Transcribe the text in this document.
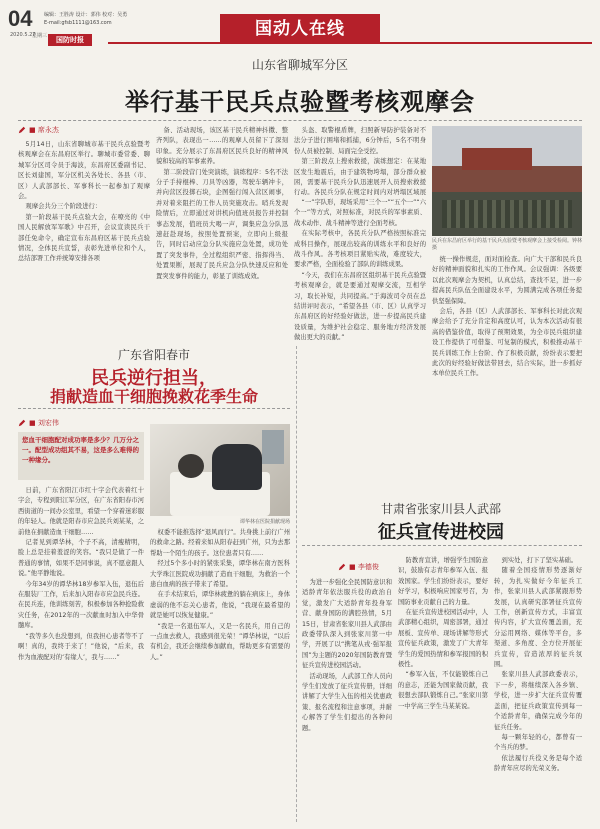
04
2020.5.27
星期三
编辑：王胜涛 设计：郭伟 校对：吴勇
E-mail:gfsb1111@163.com
国防时报
国动人在线
山东省聊城军分区
举行基干民兵点验暨考核观摩会
■ 席永杰

5月14日，山东省聊城市基干民兵点验暨考核观摩会在东昌府区举行。聊城市委常委、聊城军分区司令员于海波，东昌府区委副书记、区长刘建国，军分区机关各处长、各县（市、区）人武部部长、军事科长一起参加了观摩会。

观摩会共分三个阶段进行：

第一阶段基干民兵点验大会，在嘹亮的《中国人民解放军军歌》中召开，会议宣读民兵干部任免命令，确定宣布东昌府区基干民兵点验情况，全体民兵宣誓，表彰先进单位和个人，总结部署工作并统筹安排各项

备、活动现场，该区基干民兵精神抖擞、整齐列队，表现出一……的观摩人员留下了深刻印象。充分展示了东昌府区民兵良好的精神风貌和较高的军事素养。

第二阶段营门处突演练，演练程序：5名不法分子手持棍棒、刀具等凶器，驾驶车辆冲卡，并向营区投掷石块，企图强行闯入营区闹事，并对着来阻拦的工作人员突施攻击。哨兵发现险情后，立即通过对讲机向值班员报告并控制事态发展，值班员大喝一声，调集应急分队迅速赶赴现场，按照处置预案，立即向上级报告，同时启动应急分队实施应急处置，成功处置了突发事件，全过程组织严密、指挥得当、处置果断，展现了民兵应急分队快速反应和处置突发事件的能力，彰显了训练成效。

头盔、取警棍盾牌，扫照新导防护装备对不法分子进行围堵和抓捕，6分钟后，5名不明身份人员被控制、局面完全受控。

第三阶段点上搜索救援，演练想定：在某地区发生地震后，由于建筑物垮塌，部分群众被困，需要基干民兵分队迅速展开人员搜索救援行动。各民兵分队在规定时间内对坍塌区域展

“一”字队形，现场采用“三个一”“五个一”“六个一”等方式，对照标准，对民兵的军事素质、战术动作、战斗精神等进行全面考核。

在实际考核中，各民兵分队严格按照标准完成科目操作，展现出较高的训练水平和良好的战斗作风。各考核项目紧贴实战，难度较大，要求严格，全面检验了部队的训练成果。

“今天，我们在东昌府区组织基干民兵点验暨考核观摩会，就是要通过观摩交流，互相学习，取长补短，共同提高。”于海波司令员在总结讲评时表示，“希望各县（市、区）认真学习东昌府区的好经验好做法，进一步提高民兵建设质量，为维护社会稳定、服务地方经济发展做出更大的贡献。”

民兵在东昌府区举行的基干民兵点验暨考核观摩会上接受检阅。钟林 摄

统一操作规范，面对面检查。向广大干部和民兵良好的精神面貌和扎实的工作作风。会议强调：各级要以此次观摩会为契机，认真总结，查找不足，进一步提高民兵队伍全面建设水平，为圆满完成各项任务提供坚强保障。

会后，各县（区）人武部部长、军事科长对此次观摩会给予了充分肯定和高度认可，认为本次活动有很高的借鉴价值，取得了预期效果，为全市民兵组织建设工作提供了可借鉴、可复制的模式，积极推动基干民兵训练工作上台阶、作了积极贡献，纷纷表示要把此次的好经验好做法带回去，结合实际，进一步抓好本单位民兵工作。

广东省阳春市
民兵逆行担当，
捐献造血干细胞挽救花季生命
■ 刘宏伟
您血干细胞配对成功率是多少？几万分之一。配型成功组其不易，这是多么难得的一种缘分。
谭华林在医院捐献现场

日前，广东省阳江市红十字会代表着红十字会，专程到阳江军分区，在广东省阳春市河西街道的一间办公室里，看望一个穿着迷彩服的年轻人。他就是阳春市应急民兵刘某某，之前他在捐献造血干细胞……

记者见到谭华林，个子不高，清瘦精明，脸上总是挂着羞涩的笑容。“我只是做了一件普通的事情，如果不是同事说，真不愿意跟人说。”他平静地说。

今年34岁的谭华林18岁参军入伍，退伍后在服装厂工作，后来加入阳春市应急民兵连。在民兵连，他训练刻苦，积极参加各种抢险救灾任务，在2012年的一次献血时加入中华骨髓库。

“我等多久也没想到，但我担心患者等不了啊！真的，我终于来了！”他说，“后来，我作为血液配对的‘有缘人’，我与……”

权委不能推选择“退风而行”。共身挑上前行广州的救命之路。经着来如从阳春赶到广州，只为去那帮助一个陌生的孩子。这位患者只有……

经过5个多小时的紧张采集，谭华林在南方医科大学珠江医院成功捐献了造血干细胞，为救治一个患白血病的孩子带来了希望。

在手术结束后，谭华林疲惫的躺在病床上，身体虚弱的他不忘关心患者，他说，“我现在最希望的就是她可以恢复健康。”

“我是一名退伍军人，又是一名民兵，用自己的一点血去救人，我感到很光荣！”谭华林说，“以后有机会，我还会继续参加献血，帮助更多有需要的人。”

甘肃省张家川县人武部
征兵宣传进校园
■ 李德俊

为进一步强化全民国防意识和适龄青年依法服兵役的政治自觉，激发广大适龄青年投身军营、献身国防的满腔热情，5月15日，甘肃省张家川县人武部由政委带队深入到张家川第一中学，开展了以“携笔从戎·强军报国”为主题的2020年国防教育暨征兵宣传进校园活动。

活动现场，人武部工作人员向学生们发放了征兵宣传册，详细讲解了大学生入伍的相关优惠政策、报名流程和注意事项，并耐心解答了学生们提出的各种问题。

防教育宣讲，增强学生国防意识，鼓励有志青年参军入伍、报效国家。学生们纷纷表示，要好好学习，积极响应国家号召，为国防事业贡献自己的力量。

在征兵宣传进校园活动中，人武部精心组织，周密部署，通过展板、宣传单、现场讲解等形式宣传征兵政策，激发了广大青年学生的爱国热情和参军报国的积极性。

“参军入伍，不仅能锻炼自己的意志，还能为国家做贡献，我很想去部队锻炼自己。”张家川第一中学高三学生马某某说。

到实处，打下了坚实基础。

随着全国疫情形势逐渐好转，为扎实做好今年征兵工作，张家川县人武部紧跟形势发展，认真研究部署征兵宣传工作，创新宣传方式，丰富宣传内容，扩大宣传覆盖面，充分运用网络、媒体等平台，多渠道、多角度、全方位开展征兵宣传，营造浓厚的征兵氛围。

张家川县人武部政委表示，下一步，将继续深入各乡镇、学校，进一步扩大征兵宣传覆盖面，把征兵政策宣传到每一个适龄青年，确保完成今年的征兵任务。

每一颗年轻的心，都曾有一个当兵的梦。

依法履行兵役义务是每个适龄青年应尽的光荣义务。
